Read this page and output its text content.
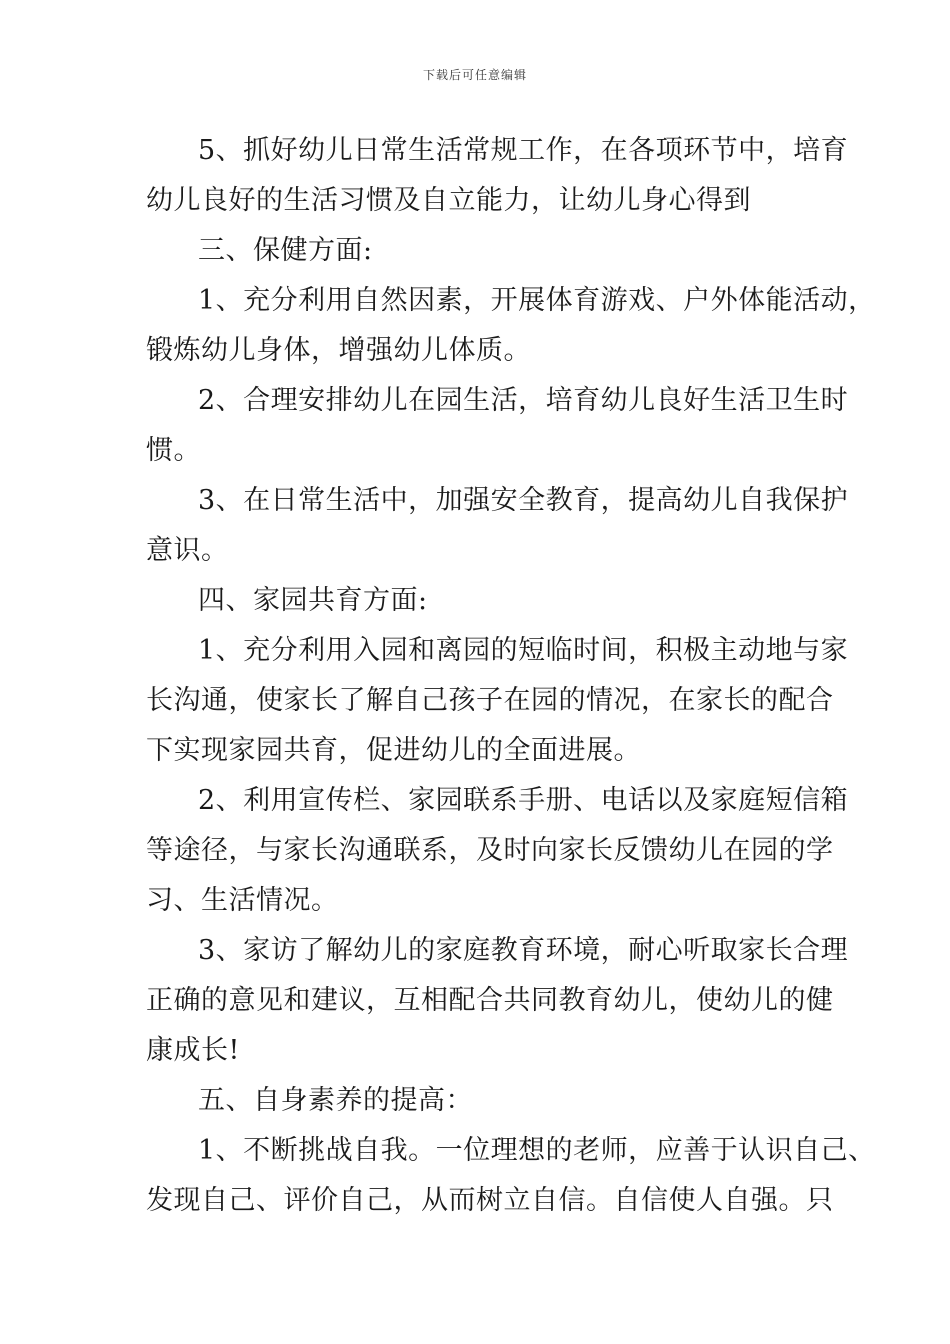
下载后可任意编辑
5、抓好幼儿日常生活常规工作，在各项环节中，培育
幼儿良好的生活习惯及自立能力，让幼儿身心得到
三、保健方面:
1、充分利用自然因素，开展体育游戏、户外体能活动，
锻炼幼儿身体，增强幼儿体质。
2、合理安排幼儿在园生活，培育幼儿良好生活卫生时
惯。
3、在日常生活中，加强安全教育，提高幼儿自我保护
意识。
四、家园共育方面:
1、充分利用入园和离园的短临时间，积极主动地与家
长沟通，使家长了解自己孩子在园的情况，在家长的配合
下实现家园共育，促进幼儿的全面进展。
2、利用宣传栏、家园联系手册、电话以及家庭短信箱
等途径，与家长沟通联系，及时向家长反馈幼儿在园的学
习、生活情况。
3、家访了解幼儿的家庭教育环境，耐心听取家长合理
正确的意见和建议，互相配合共同教育幼儿，使幼儿的健
康成长!
五、自身素养的提高：
1、不断挑战自我。一位理想的老师，应善于认识自己、
发现自己、评价自己，从而树立自信。自信使人自强。只
